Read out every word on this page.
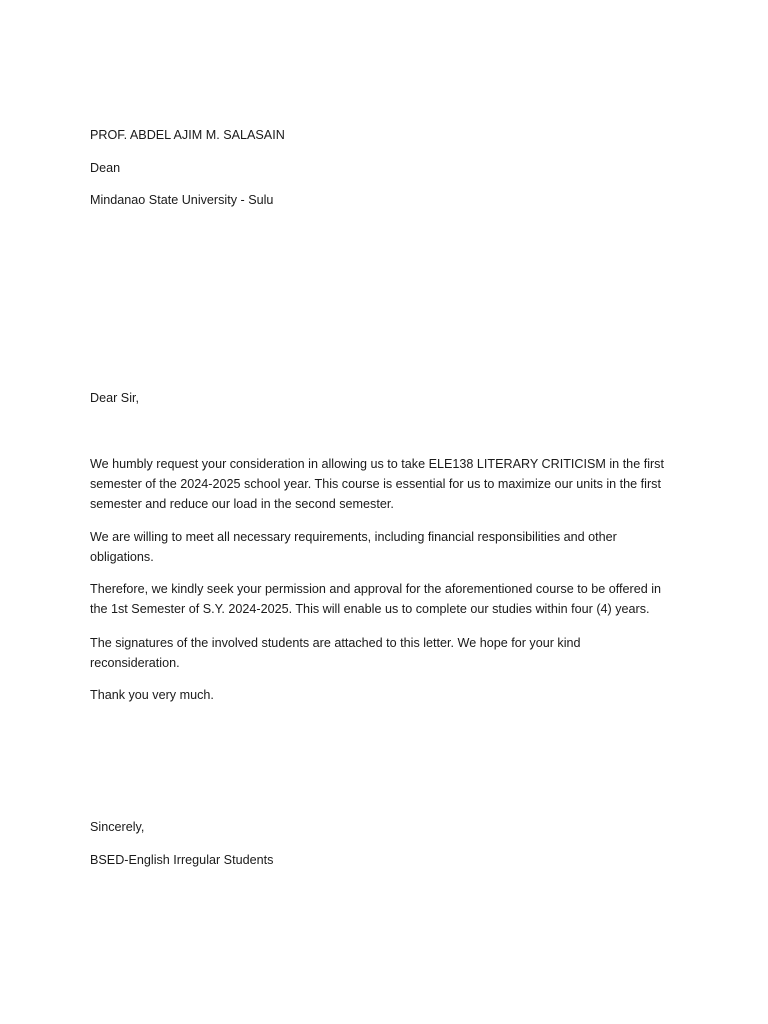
PROF. ABDEL AJIM M. SALASAIN
Dean
Mindanao State University - Sulu
Dear Sir,
We humbly request your consideration in allowing us to take ELE138 LITERARY CRITICISM in the first
semester of the 2024-2025 school year. This course is essential for us to maximize our units in the first
semester and reduce our load in the second semester.
We are willing to meet all necessary requirements, including financial responsibilities and other
obligations.
Therefore, we kindly seek your permission and approval for the aforementioned course to be offered in
the 1st Semester of S.Y. 2024-2025. This will enable us to complete our studies within four (4) years.
The signatures of the involved students are attached to this letter. We hope for your kind
reconsideration.
Thank you very much.
Sincerely,
BSED-English Irregular Students
